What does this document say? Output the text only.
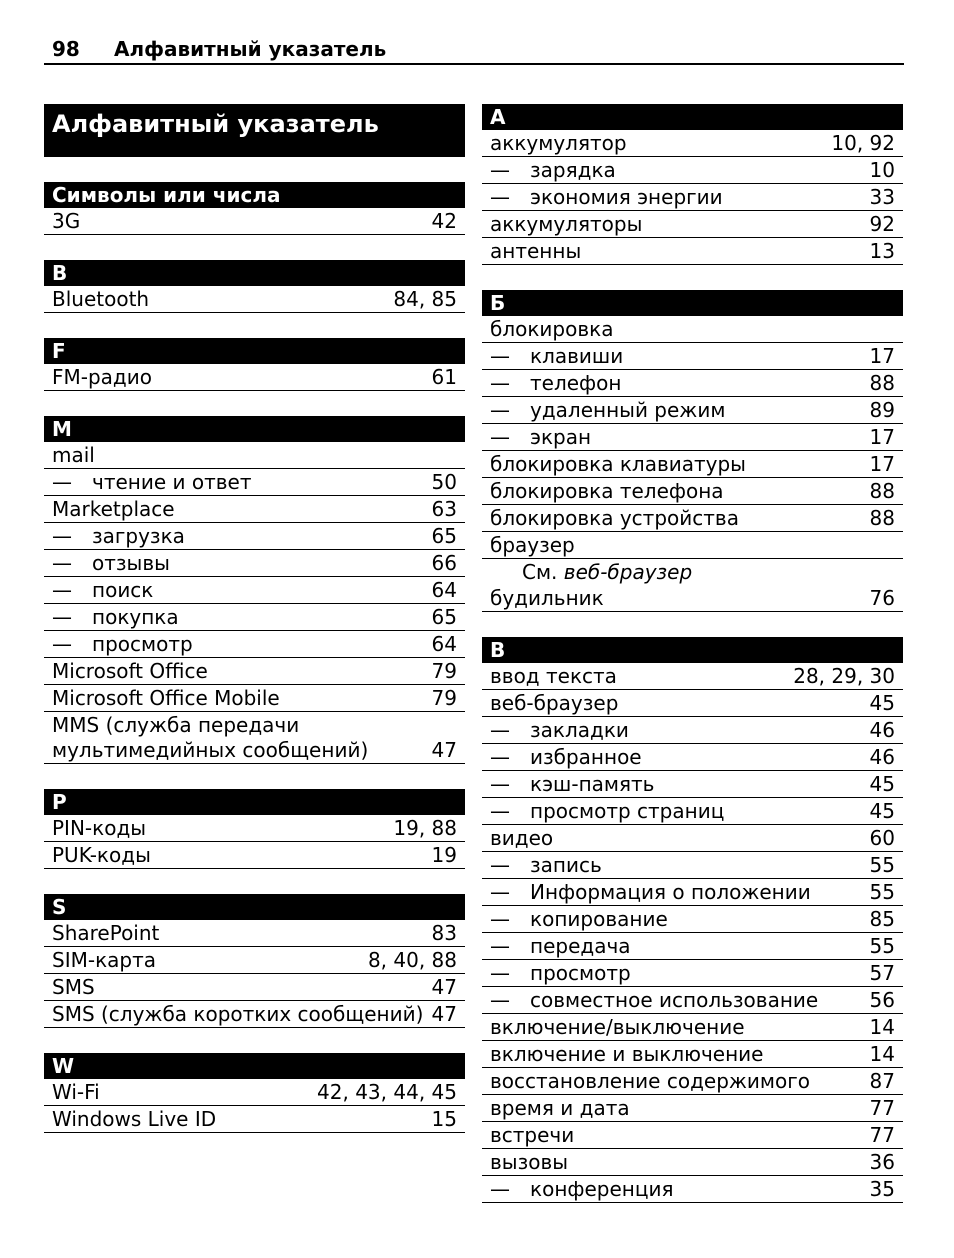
98 Алфавитный указатель
Алфавитный указатель
Символы или числа
3G	42
B
Bluetooth	84, 85
F
FM-радио	61
M
mail
— чтение и ответ	50
Marketplace	63
— загрузка	65
— отзывы	66
— поиск	64
— покупка	65
— просмотр	64
Microsoft Office	79
Microsoft Office Mobile	79
MMS (служба передачи
мультимедийных сообщений)	47
P
PIN-коды	19, 88
PUK-коды	19
S
SharePoint	83
SIM-карта	8, 40, 88
SMS	47
SMS (служба коротких сообщений) 47
W
Wi-Fi	42, 43, 44, 45
Windows Live ID	15
А
аккумулятор	10, 92
— зарядка	10
— экономия энергии	33
аккумуляторы	92
антенны	13
Б
блокировка
— клавиши	17
— телефон	88
— удаленный режим	89
— экран	17
блокировка клавиатуры	17
блокировка телефона	88
блокировка устройства	88
браузер
См. веб-браузер
будильник	76
В
ввод текста	28, 29, 30
веб-браузер	45
— закладки	46
— избранное	46
— кэш-память	45
— просмотр страниц	45
видео	60
— запись	55
— Информация о положении	55
— копирование	85
— передача	55
— просмотр	57
— совместное использование	56
включение/выключение	14
включение и выключение	14
восстановление содержимого	87
время и дата	77
встречи	77
вызовы	36
— конференция	35
